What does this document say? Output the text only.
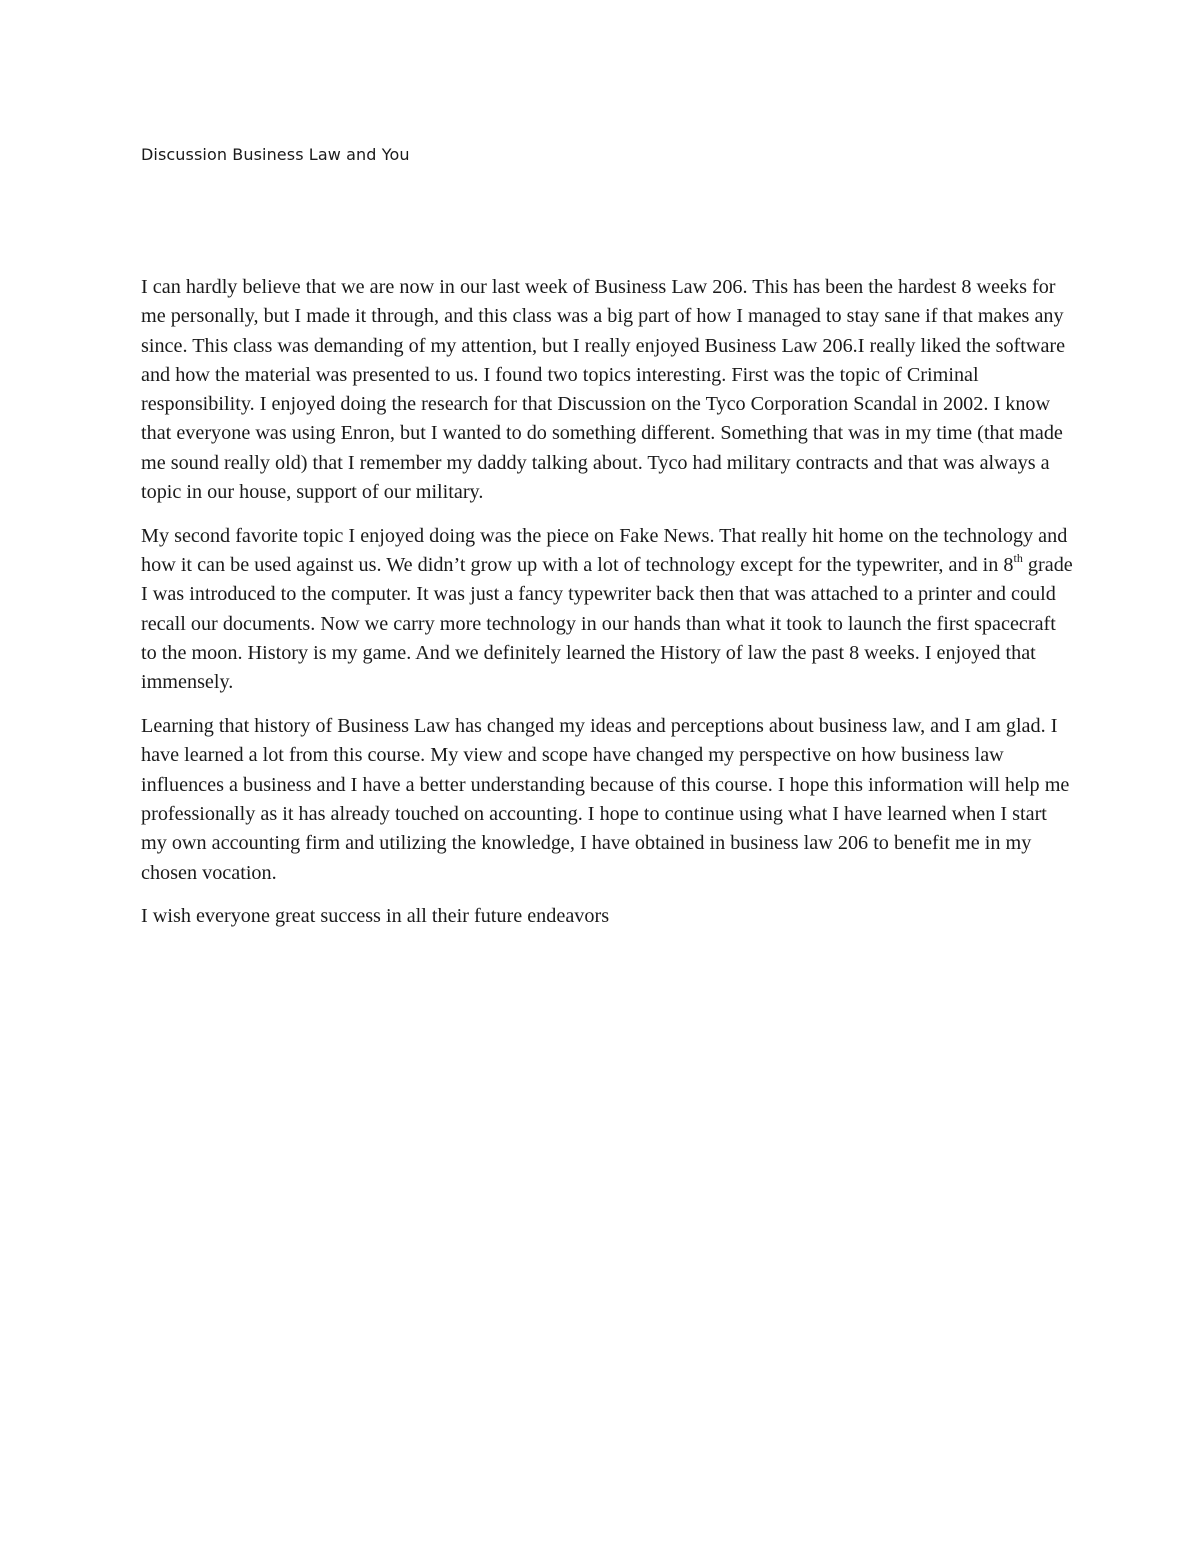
Discussion Business Law and You

I can hardly believe that we are now in our last week of Business Law 206. This has been the hardest 8 weeks for me personally, but I made it through, and this class was a big part of how I managed to stay sane if that makes any since. This class was demanding of my attention, but I really enjoyed Business Law 206.I really liked the software and how the material was presented to us. I found two topics interesting. First was the topic of Criminal responsibility. I enjoyed doing the research for that Discussion on the Tyco Corporation Scandal in 2002. I know that everyone was using Enron, but I wanted to do something different. Something that was in my time (that made me sound really old) that I remember my daddy talking about. Tyco had military contracts and that was always a topic in our house, support of our military.

My second favorite topic I enjoyed doing was the piece on Fake News. That really hit home on the technology and how it can be used against us. We didn’t grow up with a lot of technology except for the typewriter, and in 8th grade I was introduced to the computer. It was just a fancy typewriter back then that was attached to a printer and could recall our documents. Now we carry more technology in our hands than what it took to launch the first spacecraft to the moon. History is my game. And we definitely learned the History of law the past 8 weeks. I enjoyed that immensely.

Learning that history of Business Law has changed my ideas and perceptions about business law, and I am glad. I have learned a lot from this course. My view and scope have changed my perspective on how business law influences a business and I have a better understanding because of this course. I hope this information will help me professionally as it has already touched on accounting. I hope to continue using what I have learned when I start my own accounting firm and utilizing the knowledge, I have obtained in business law 206 to benefit me in my chosen vocation.

I wish everyone great success in all their future endeavors
